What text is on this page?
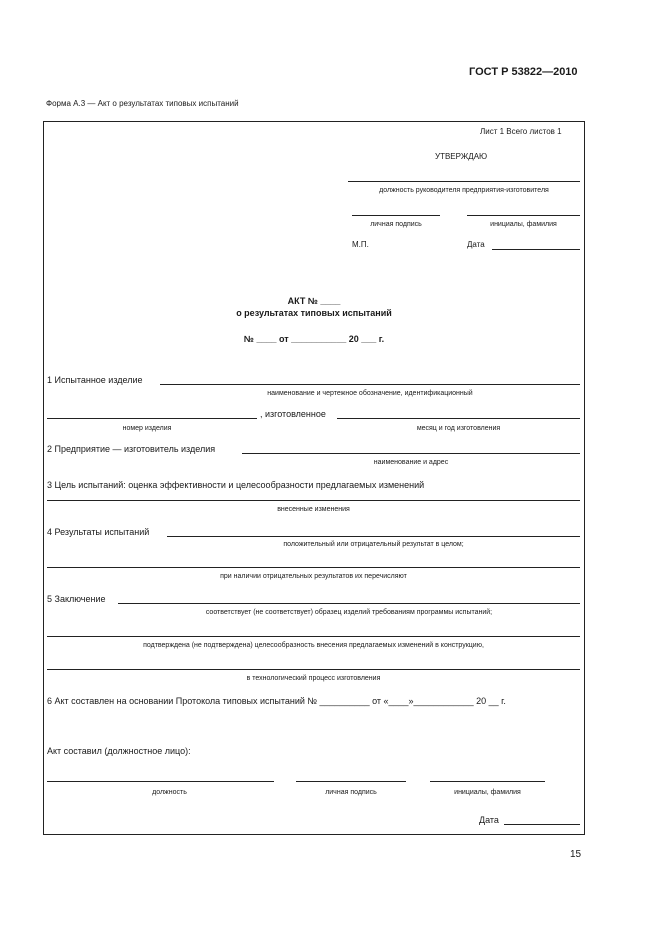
ГОСТ Р 53822—2010
Форма А.3 — Акт о результатах типовых испытаний
Лист 1 Всего листов 1
УТВЕРЖДАЮ
должность руководителя предприятия-изготовителя
личная подпись	инициалы, фамилия
М.П.	Дата
АКТ № ____
о результатах типовых испытаний
№ ____ от ___________ 20 ___ г.
1 Испытанное изделие
наименование и чертежное обозначение, идентификационный
, изготовленное
номер изделия	месяц и год изготовления
2 Предприятие — изготовитель изделия
наименование и адрес
3 Цель испытаний: оценка эффективности и целесообразности предлагаемых изменений
внесенные изменения
4 Результаты испытаний
положительный или отрицательный результат в целом;
при наличии отрицательных результатов их перечисляют
5 Заключение
соответствует (не соответствует) образец изделий требованиям программы испытаний;
подтверждена (не подтверждена) целесообразность внесения предлагаемых изменений в конструкцию,
в технологический процесс изготовления
6 Акт составлен на основании Протокола типовых испытаний № __________ от «____»____________ 20 __ г.
Акт составил (должностное лицо):
должность	личная подпись	инициалы, фамилия
Дата
15
